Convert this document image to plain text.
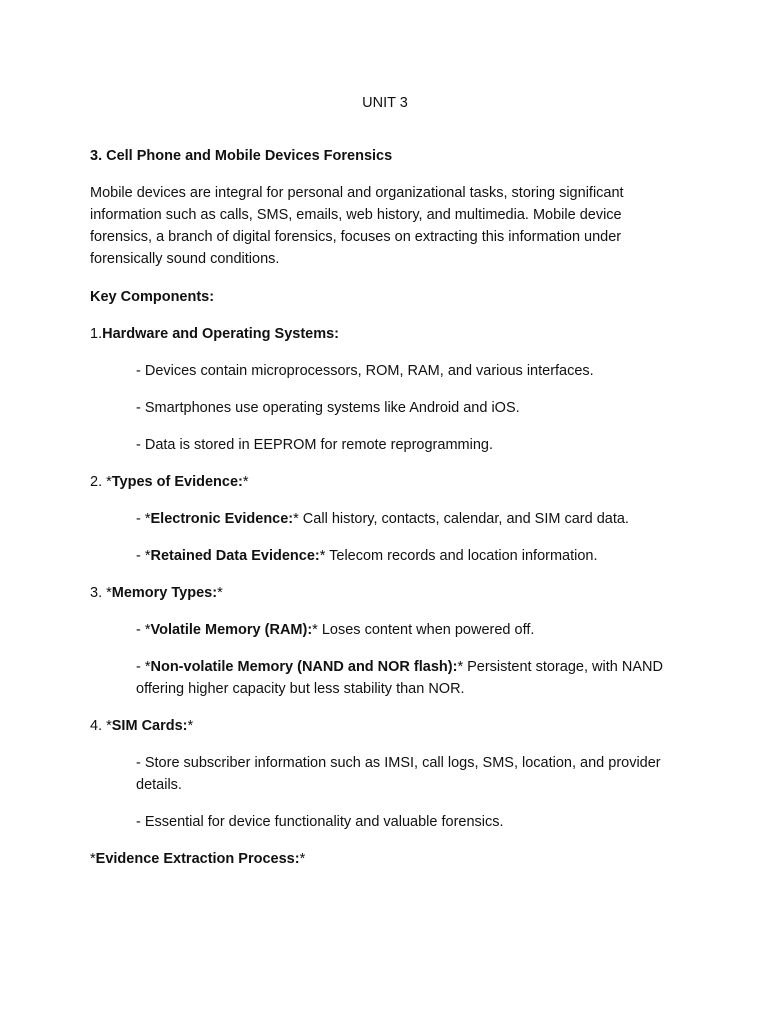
UNIT 3

3. Cell Phone and Mobile Devices Forensics

Mobile devices are integral for personal and organizational tasks, storing significant information such as calls, SMS, emails, web history, and multimedia. Mobile device forensics, a branch of digital forensics, focuses on extracting this information under forensically sound conditions.

Key Components:

1.Hardware and Operating Systems:

- Devices contain microprocessors, ROM, RAM, and various interfaces.

- Smartphones use operating systems like Android and iOS.

- Data is stored in EEPROM for remote reprogramming.

2. *Types of Evidence:*

- *Electronic Evidence:* Call history, contacts, calendar, and SIM card data.

- *Retained Data Evidence:* Telecom records and location information.

3. *Memory Types:*

- *Volatile Memory (RAM):* Loses content when powered off.

- *Non-volatile Memory (NAND and NOR flash):* Persistent storage, with NAND offering higher capacity but less stability than NOR.

4. *SIM Cards:*

- Store subscriber information such as IMSI, call logs, SMS, location, and provider details.

- Essential for device functionality and valuable forensics.

*Evidence Extraction Process:*
